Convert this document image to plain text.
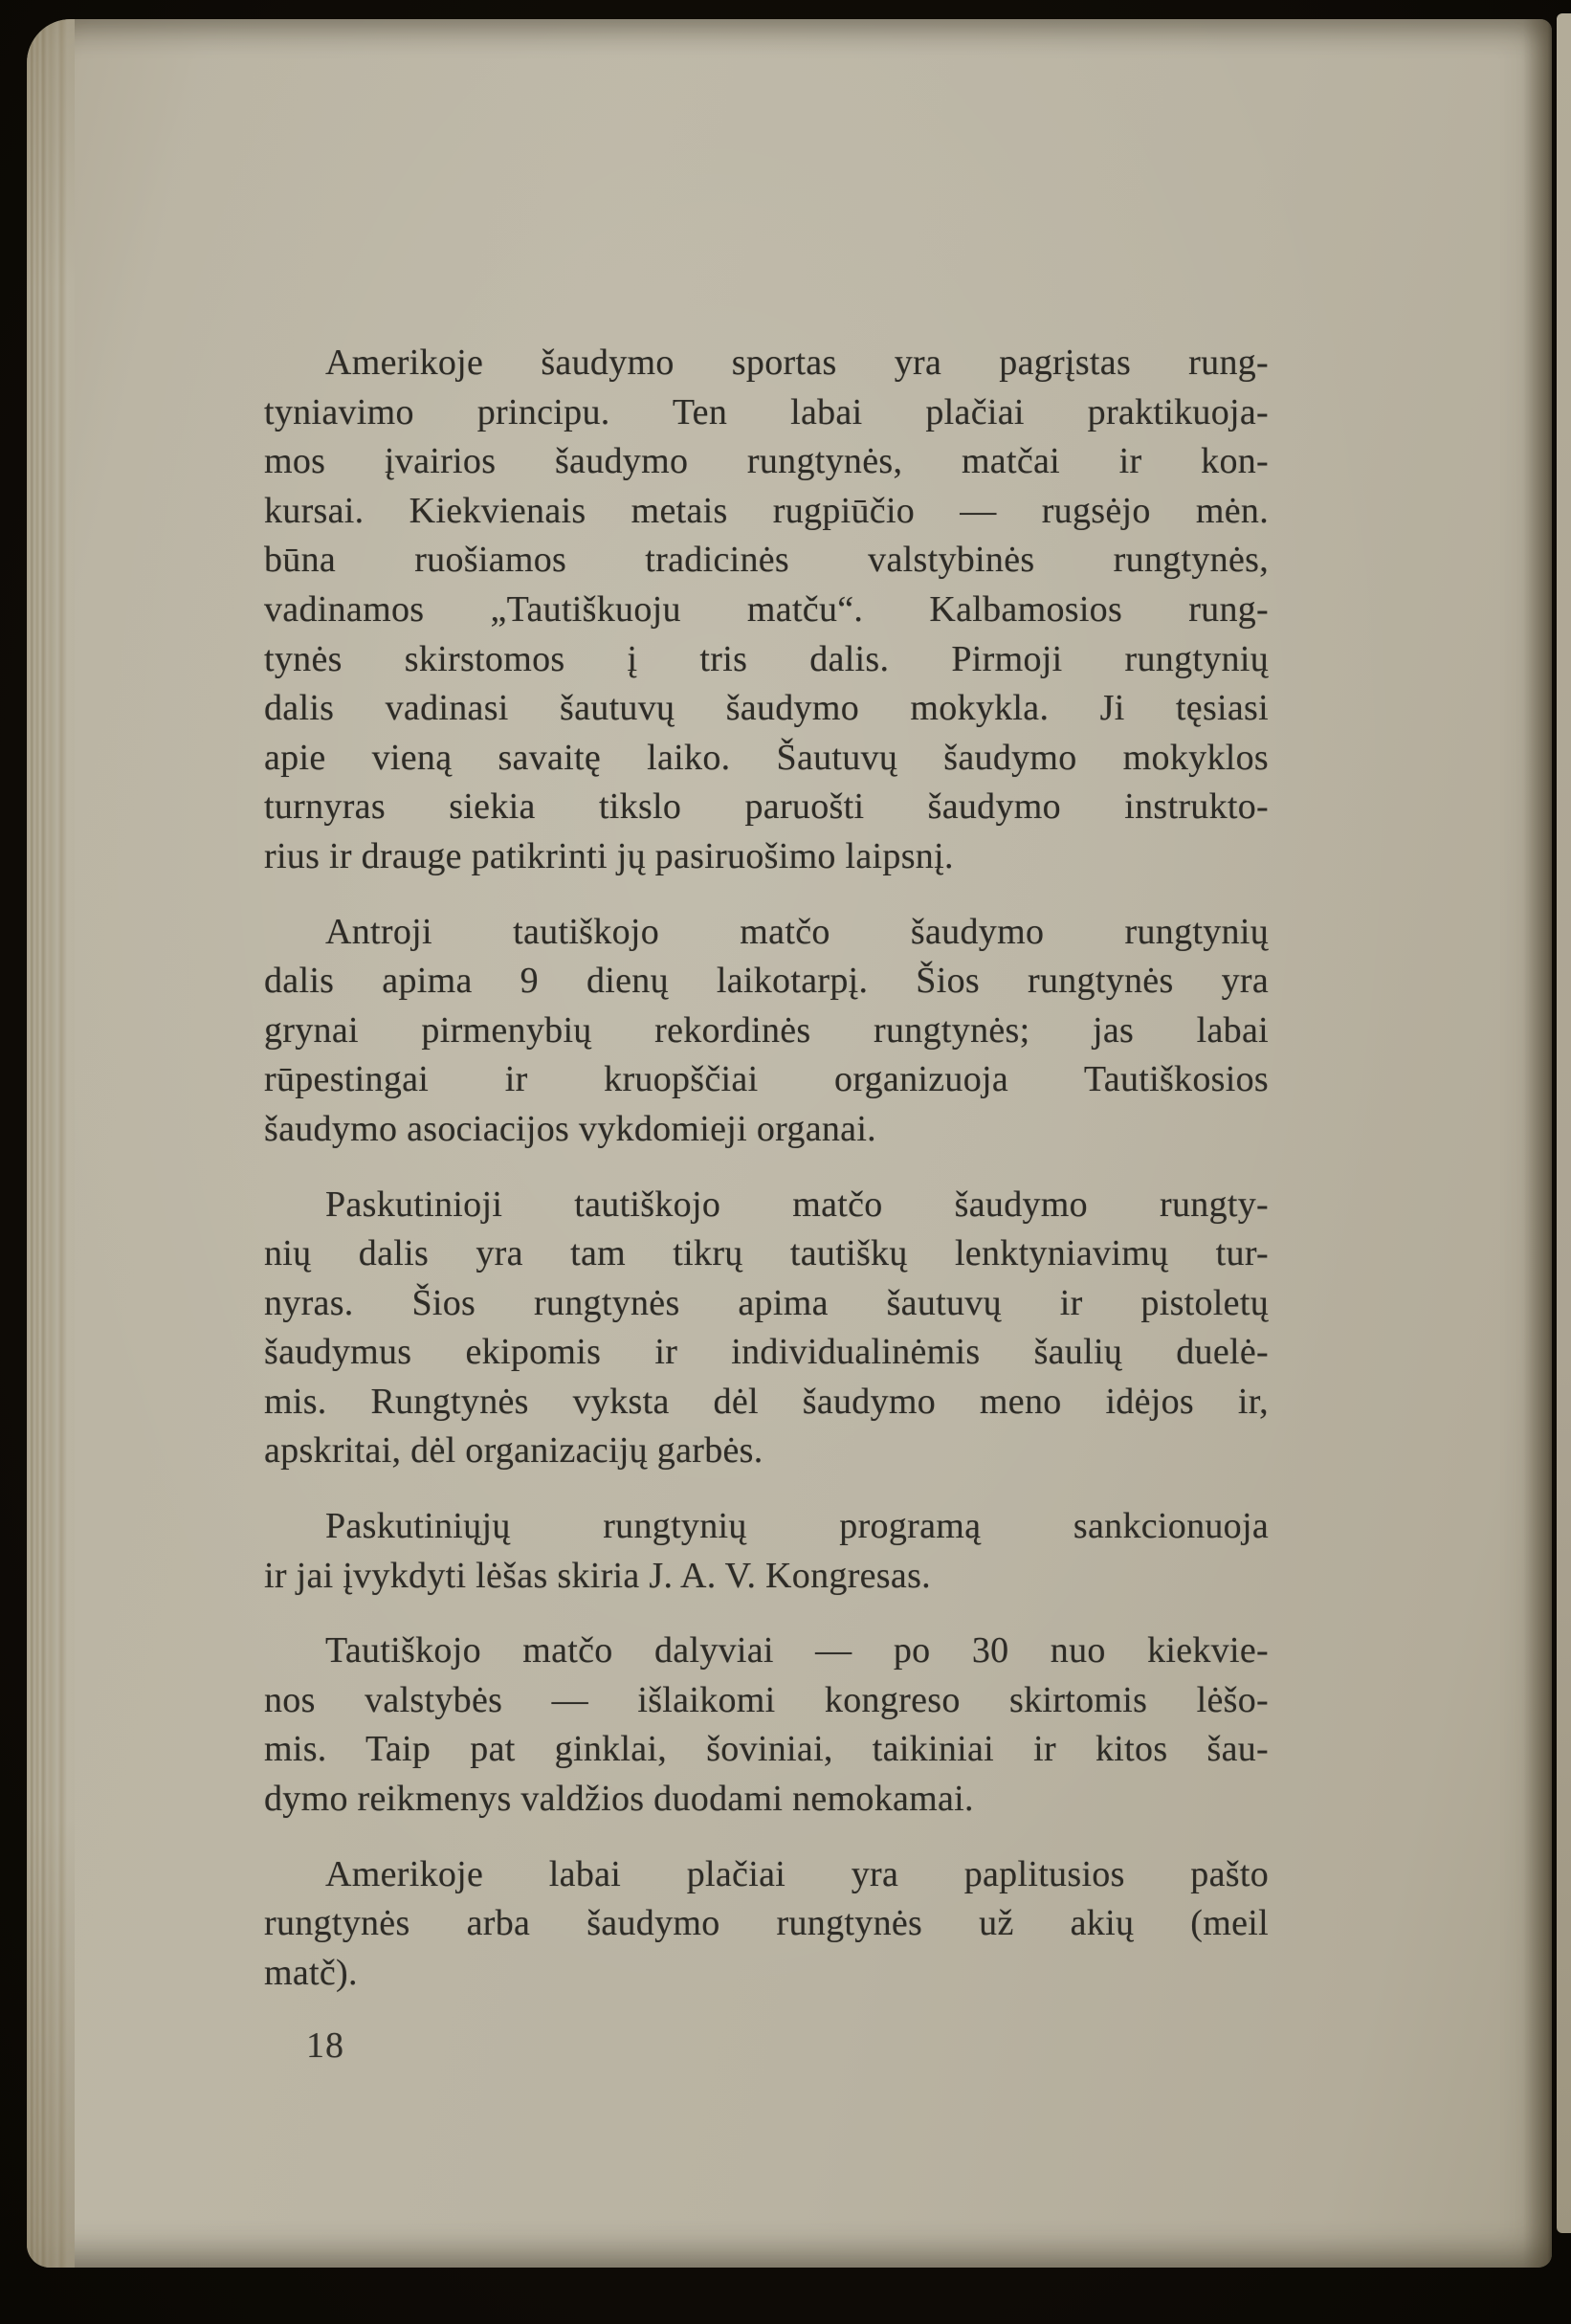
Amerikoje šaudymo sportas yra pagrįstas rung-
tyniavimo principu. Ten labai plačiai praktikuoja-
mos įvairios šaudymo rungtynės, matčai ir kon-
kursai. Kiekvienais metais rugpiūčio — rugsėjo mėn.
būna ruošiamos tradicinės valstybinės rungtynės,
vadinamos „Tautiškuoju matču“. Kalbamosios rung-
tynės skirstomos į tris dalis. Pirmoji rungtynių
dalis vadinasi šautuvų šaudymo mokykla. Ji tęsiasi
apie vieną savaitę laiko. Šautuvų šaudymo mokyklos
turnyras siekia tikslo paruošti šaudymo instrukto-
rius ir drauge patikrinti jų pasiruošimo laipsnį.

Antroji tautiškojo matčo šaudymo rungtynių
dalis apima 9 dienų laikotarpį. Šios rungtynės yra
grynai pirmenybių rekordinės rungtynės; jas labai
rūpestingai ir kruopščiai organizuoja Tautiškosios
šaudymo asociacijos vykdomieji organai.

Paskutinioji tautiškojo matčo šaudymo rungty-
nių dalis yra tam tikrų tautiškų lenktyniavimų tur-
nyras. Šios rungtynės apima šautuvų ir pistoletų
šaudymus ekipomis ir individualinėmis šaulių duelė-
mis. Rungtynės vyksta dėl šaudymo meno idėjos ir,
apskritai, dėl organizacijų garbės.

Paskutiniųjų rungtynių programą sankcionuoja
ir jai įvykdyti lėšas skiria J. A. V. Kongresas.

Tautiškojo matčo dalyviai — po 30 nuo kiekvie-
nos valstybės — išlaikomi kongreso skirtomis lėšo-
mis. Taip pat ginklai, šoviniai, taikiniai ir kitos šau-
dymo reikmenys valdžios duodami nemokamai.

Amerikoje labai plačiai yra paplitusios pašto
rungtynės arba šaudymo rungtynės už akių (meil
matč).

18
